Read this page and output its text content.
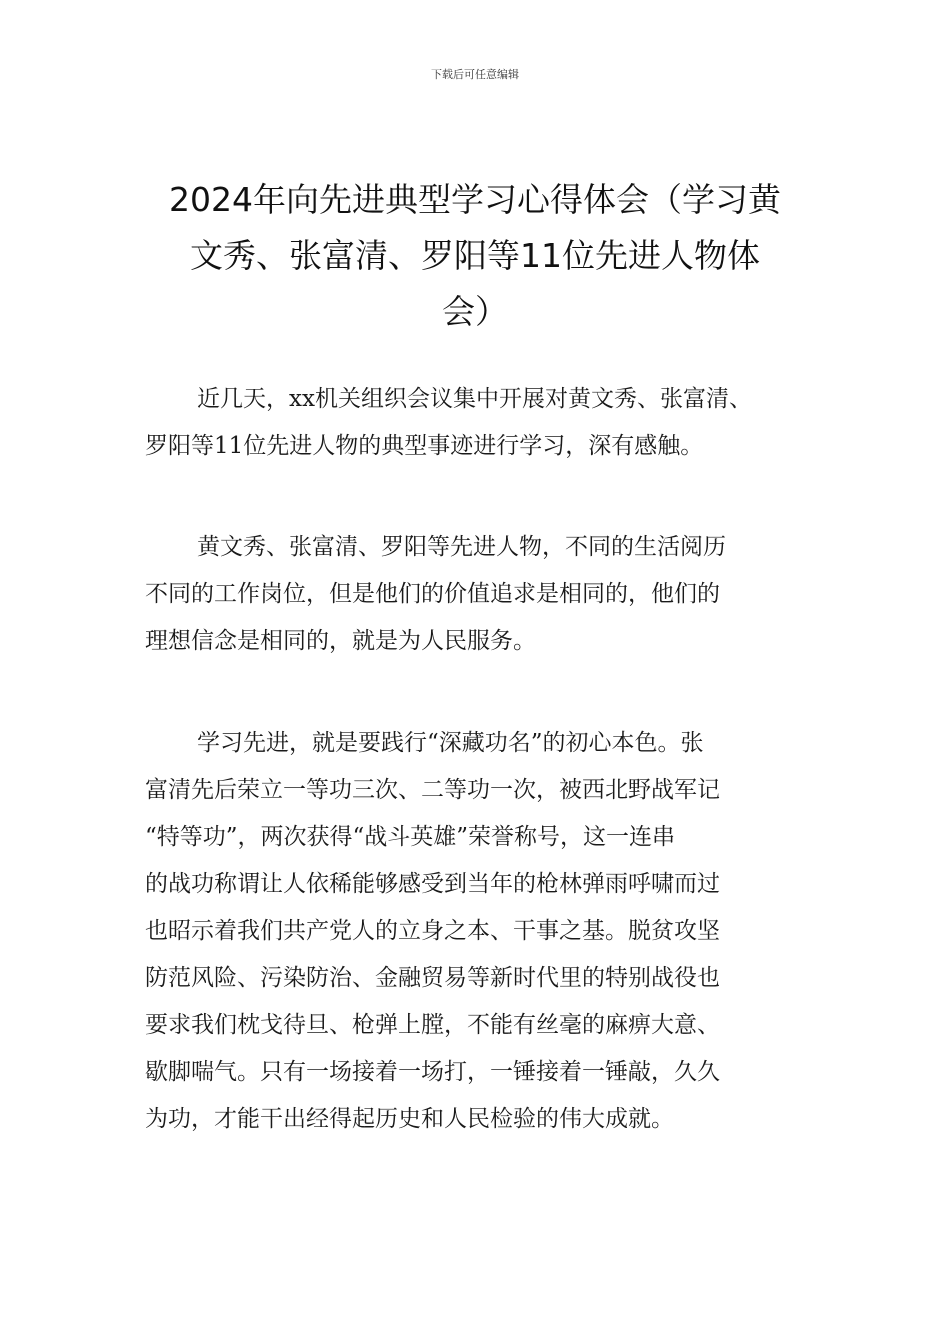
下载后可任意编辑
2024年向先进典型学习心得体会（学习黄
文秀、张富清、罗阳等11位先进人物体
会）

近几天，xx机关组织会议集中开展对黄文秀、张富清、
罗阳等11位先进人物的典型事迹进行学习，深有感触。

黄文秀、张富清、罗阳等先进人物，不同的生活阅历
不同的工作岗位，但是他们的价值追求是相同的，他们的
理想信念是相同的，就是为人民服务。

学习先进，就是要践行“深藏功名”的初心本色。张
富清先后荣立一等功三次、二等功一次，被西北野战军记
“特等功”，两次获得“战斗英雄”荣誉称号，这一连串
的战功称谓让人依稀能够感受到当年的枪林弹雨呼啸而过
也昭示着我们共产党人的立身之本、干事之基。脱贫攻坚
防范风险、污染防治、金融贸易等新时代里的特别战役也
要求我们枕戈待旦、枪弹上膛，不能有丝毫的麻痹大意、
歇脚喘气。只有一场接着一场打，一锤接着一锤敲，久久
为功，才能干出经得起历史和人民检验的伟大成就。
